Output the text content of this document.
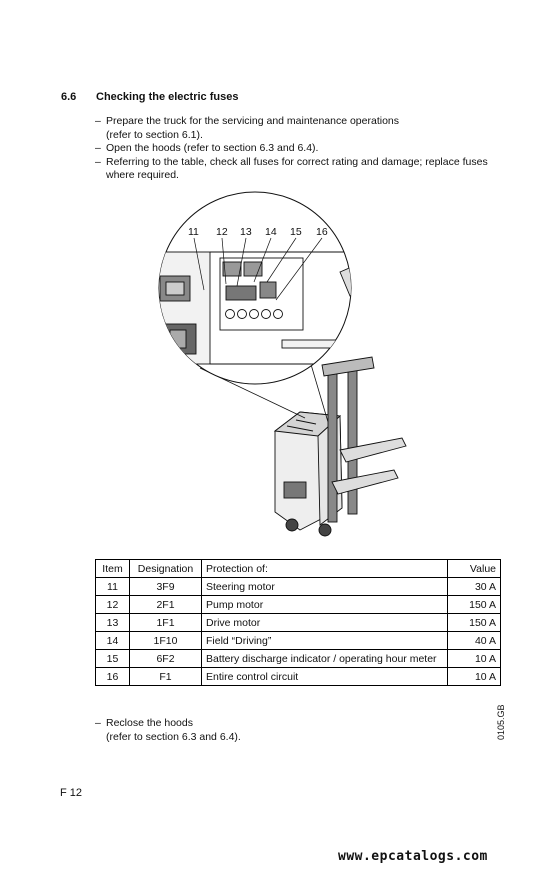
6.6 Checking the electric fuses
– Prepare the truck for the servicing and maintenance operations
(refer to section 6.1).
– Open the hoods (refer to section 6.3 and 6.4).
– Referring to the table, check all fuses for correct rating and damage; replace fuses
where required.
11 12 13 14 15 16
Item	Designation	Protection of:	Value
11	3F9	Steering motor	30 A
12	2F1	Pump motor	150 A
13	1F1	Drive motor	150 A
14	1F10	Field “Driving”	40 A
15	6F2	Battery discharge indicator / operating hour meter	10 A
16	F1	Entire control circuit	10 A
– Reclose the hoods
(refer to section 6.3 and 6.4).	0105.GB
F 12
www.epcatalogs.com
